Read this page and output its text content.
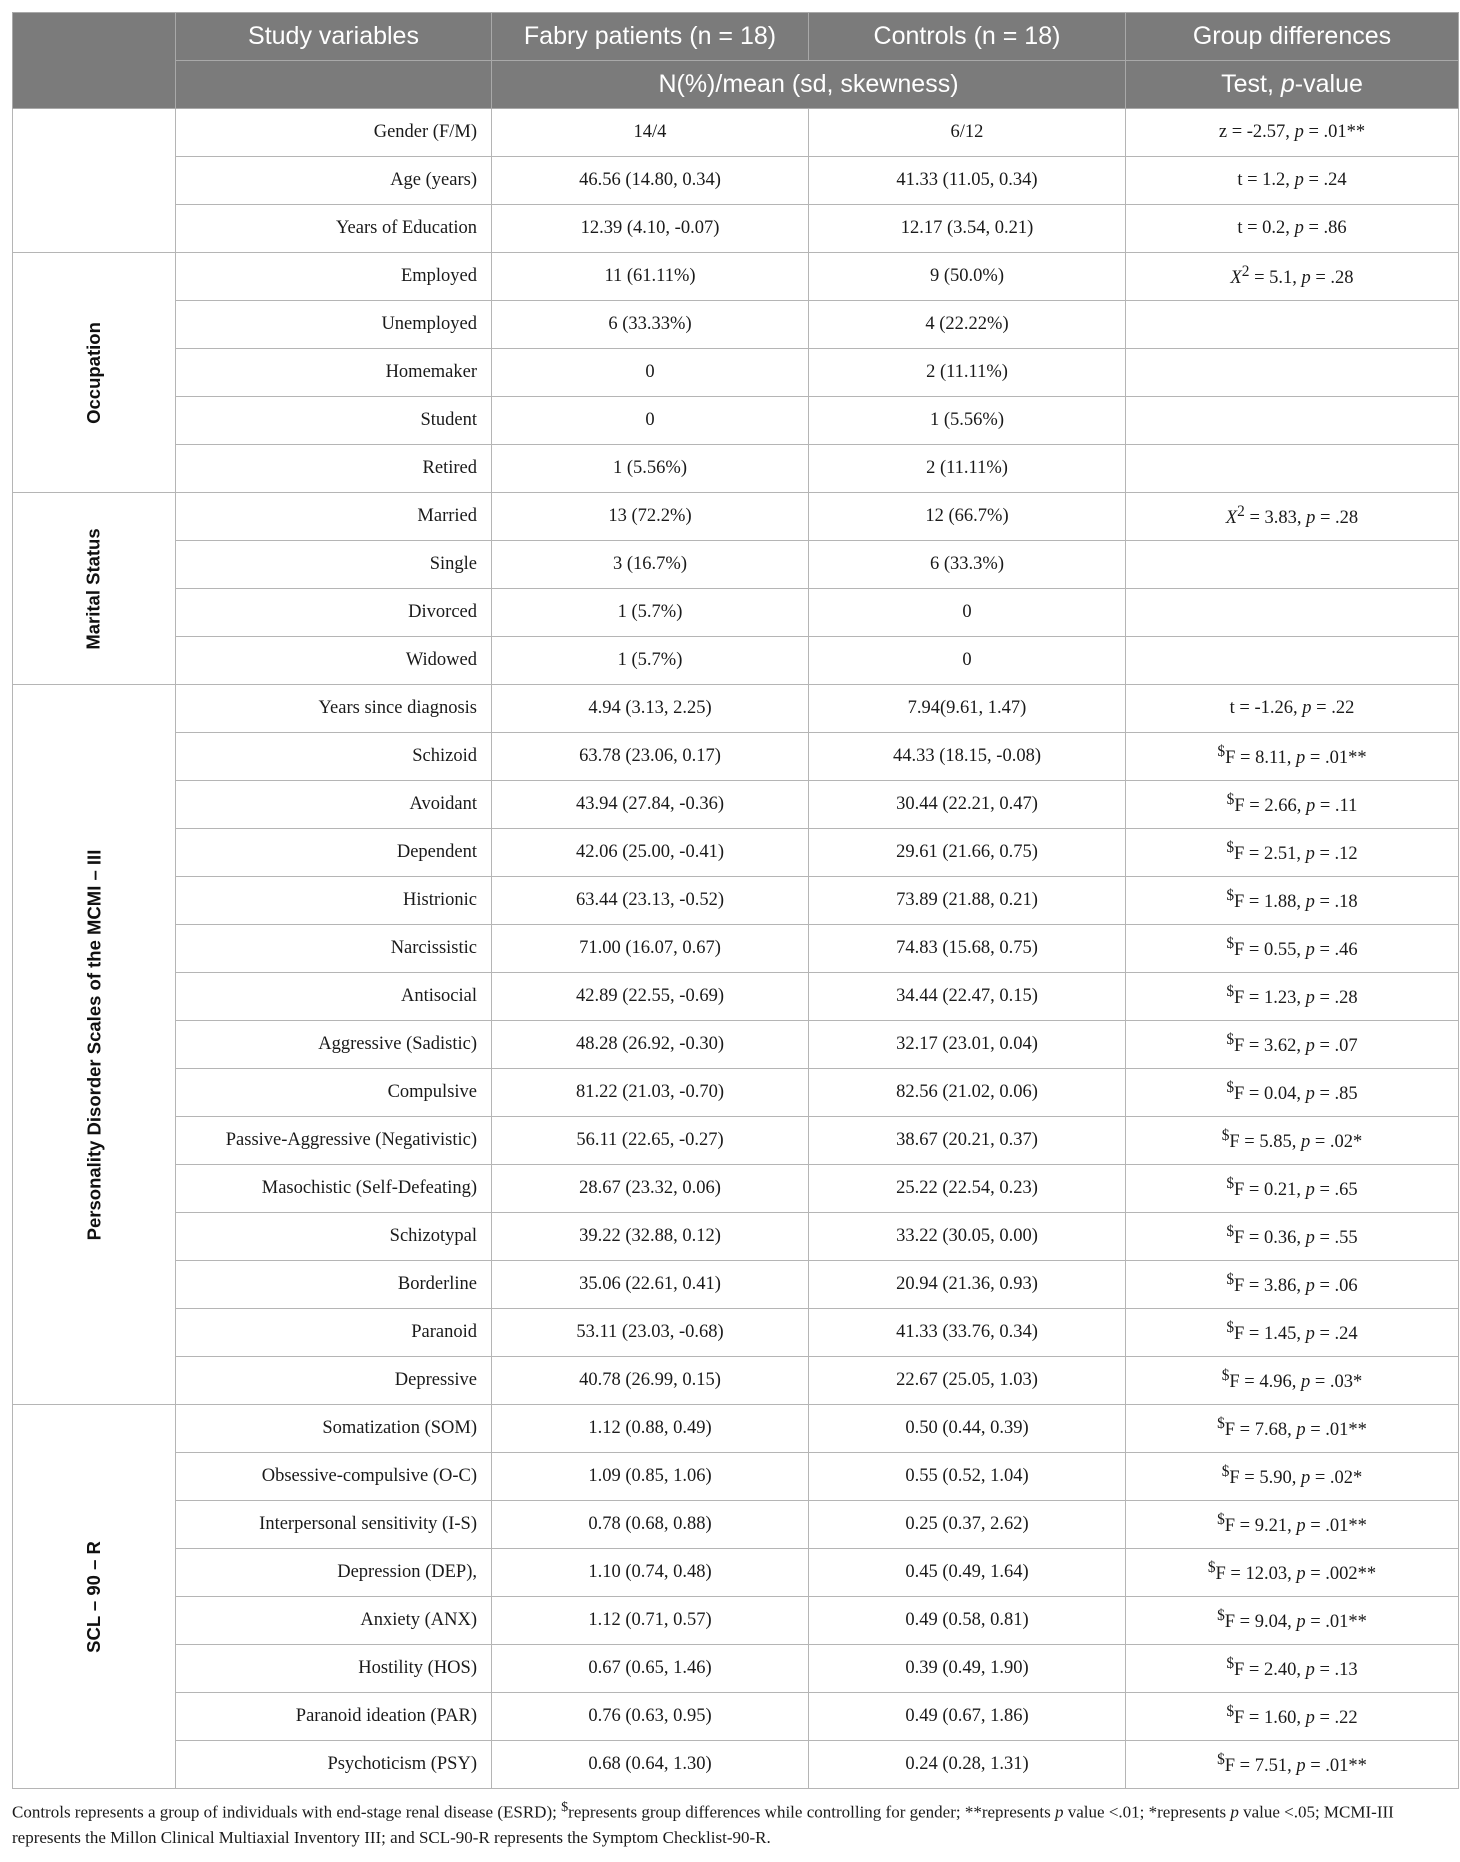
	Study variables	Fabry patients (n = 18)	Controls (n = 18)	Group differences
		N(%)/mean (sd, skewness)		Test, p-value
	Gender (F/M)	14/4	6/12	z = -2.57, p = .01**
	Age (years)	46.56 (14.80, 0.34)	41.33 (11.05, 0.34)	t = 1.2, p = .24
	Years of Education	12.39 (4.10, -0.07)	12.17 (3.54, 0.21)	t = 0.2, p = .86

Occupation	Employed	11 (61.11%)	9 (50.0%)	$X^2 = 5.1$, p = .28
	Unemployed	6 (33.33%)	4 (22.22%)	
	Homemaker	0	2 (11.11%)	
	Student	0	1 (5.56%)	
	Retired	1 (5.56%)	2 (11.11%)	

Marital Status	Married	13 (72.2%)	12 (66.7%)	$X^2 = 3.83$, p = .28
	Single	3 (16.7%)	6 (33.3%)	
	Divorced	1 (5.7%)	0	
	Widowed	1 (5.7%)	0	

Personality Disorder Scales of the MCMI – III	Years since diagnosis	4.94 (3.13, 2.25)	7.94(9.61, 1.47)	t = -1.26, p = .22
	Schizoid	63.78 (23.06, 0.17)	44.33 (18.15, -0.08)	$F = 8.11, p = .01**
	Avoidant	43.94 (27.84, -0.36)	30.44 (22.21, 0.47)	$F = 2.66, p = .11
	Dependent	42.06 (25.00, -0.41)	29.61 (21.66, 0.75)	$F = 2.51, p = .12
	Histrionic	63.44 (23.13, -0.52)	73.89 (21.88, 0.21)	$F = 1.88, p = .18
	Narcissistic	71.00 (16.07, 0.67)	74.83 (15.68, 0.75)	$F = 0.55, p = .46
	Antisocial	42.89 (22.55, -0.69)	34.44 (22.47, 0.15)	$F = 1.23, p = .28
	Aggressive (Sadistic)	48.28 (26.92, -0.30)	32.17 (23.01, 0.04)	$F = 3.62, p = .07
	Compulsive	81.22 (21.03, -0.70)	82.56 (21.02, 0.06)	$F = 0.04, p = .85
	Passive-Aggressive (Negativistic)	56.11 (22.65, -0.27)	38.67 (20.21, 0.37)	$F = 5.85, p = .02*
	Masochistic (Self-Defeating)	28.67 (23.32, 0.06)	25.22 (22.54, 0.23)	$F = 0.21, p = .65
	Schizotypal	39.22 (32.88, 0.12)	33.22 (30.05, 0.00)	$F = 0.36, p = .55
	Borderline	35.06 (22.61, 0.41)	20.94 (21.36, 0.93)	$F = 3.86, p = .06
	Paranoid	53.11 (23.03, -0.68)	41.33 (33.76, 0.34)	$F = 1.45, p = .24
	Depressive	40.78 (26.99, 0.15)	22.67 (25.05, 1.03)	$F = 4.96, p = .03*

SCL – 90 – R	Somatization (SOM)	1.12 (0.88, 0.49)	0.50 (0.44, 0.39)	$F = 7.68, p = .01**
	Obsessive-compulsive (O-C)	1.09 (0.85, 1.06)	0.55 (0.52, 1.04)	$F = 5.90, p = .02*
	Interpersonal sensitivity (I-S)	0.78 (0.68, 0.88)	0.25 (0.37, 2.62)	$F = 9.21, p = .01**
	Depression (DEP),	1.10 (0.74, 0.48)	0.45 (0.49, 1.64)	$F = 12.03, p = .002**
	Anxiety (ANX)	1.12 (0.71, 0.57)	0.49 (0.58, 0.81)	$F = 9.04, p = .01**
	Hostility (HOS)	0.67 (0.65, 1.46)	0.39 (0.49, 1.90)	$F = 2.40, p = .13
	Paranoid ideation (PAR)	0.76 (0.63, 0.95)	0.49 (0.67, 1.86)	$F = 1.60, p = .22
	Psychoticism (PSY)	0.68 (0.64, 1.30)	0.24 (0.28, 1.31)	$F = 7.51, p = .01**
Controls represents a group of individuals with end-stage renal disease (ESRD); $represents group differences while controlling for gender; **represents p value <.01; *represents p value <.05; MCMI-III represents the Millon Clinical Multiaxial Inventory III; and SCL-90-R represents the Symptom Checklist-90-R.
